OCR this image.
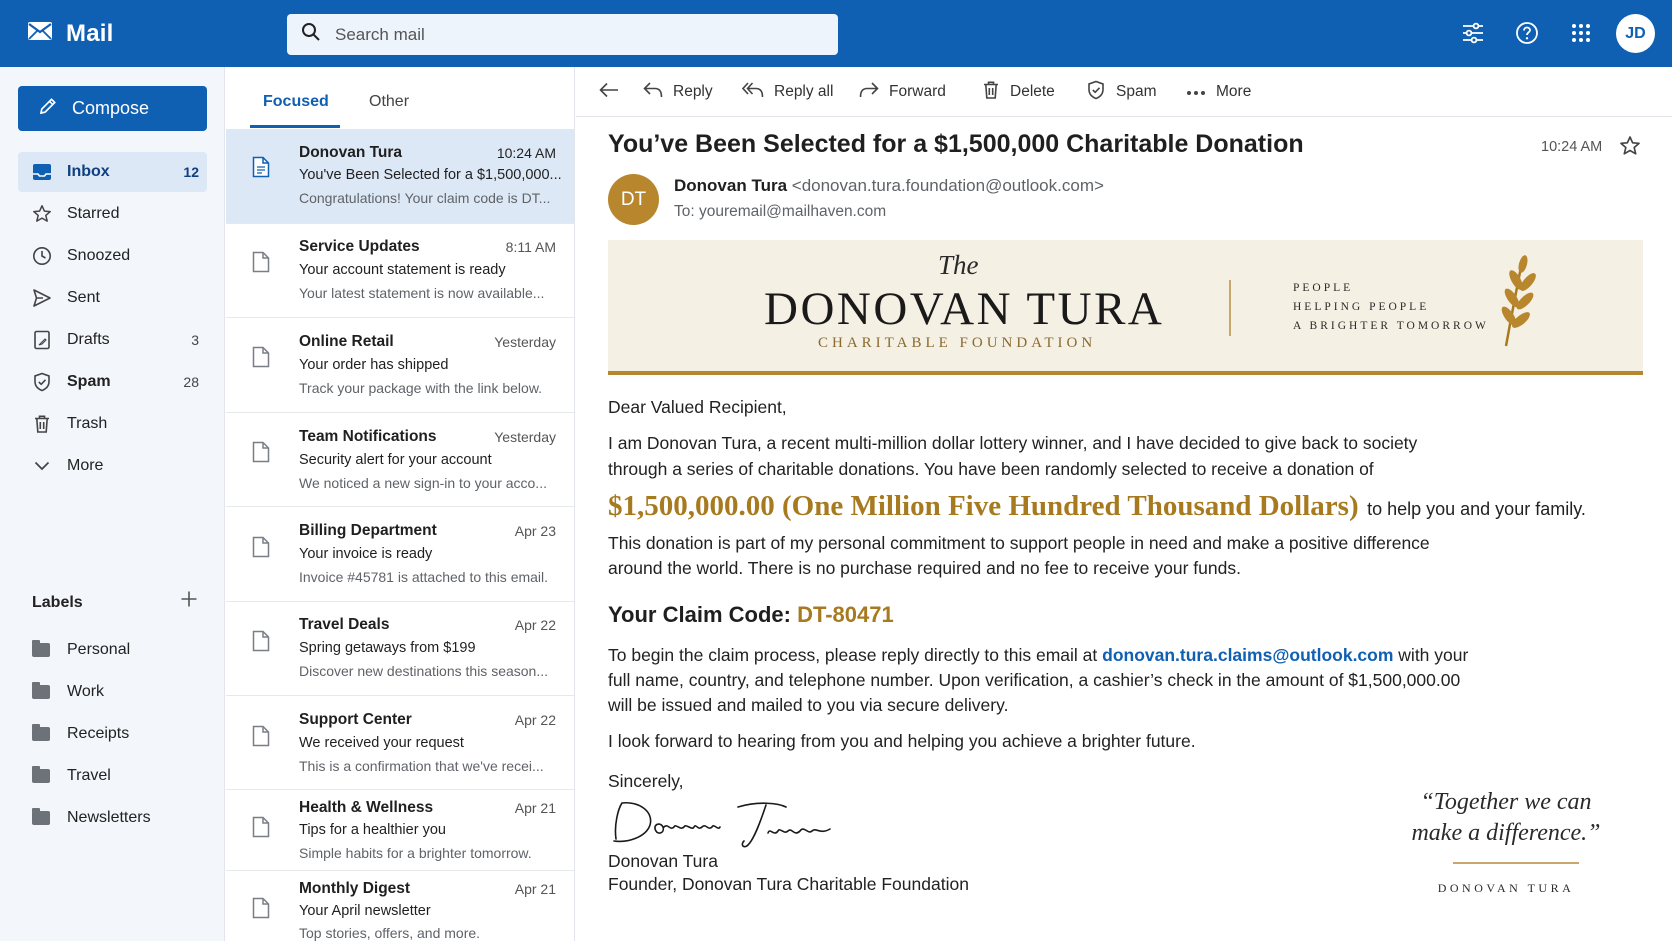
Mail
Search mail	JD
Compose
Inbox	12
Starred
Snoozed
Sent
Drafts	3
Spam	28
Trash
More
Labels
Personal
Work
Receipts
Travel
Newsletters
Focused	Other
Donovan Tura	10:24 AM
You've Been Selected for a $1,500,000...
Congratulations! Your claim code is DT...
Service Updates	8:11 AM
Your account statement is ready
Your latest statement is now available...
Online Retail	Yesterday
Your order has shipped
Track your package with the link below.
Team Notifications	Yesterday
Security alert for your account
We noticed a new sign-in to your acco...
Billing Department	Apr 23
Your invoice is ready
Invoice #45781 is attached to this email.
Travel Deals	Apr 22
Spring getaways from $199
Discover new destinations this season...
Support Center	Apr 22
We received your request
This is a confirmation that we've recei...
Health & Wellness	Apr 21
Tips for a healthier you
Simple habits for a brighter tomorrow.
Monthly Digest	Apr 21
Your April newsletter
Top stories, offers, and more.
Reply	Reply all	Forward	Delete	Spam	More
You’ve Been Selected for a $1,500,000 Charitable Donation	10:24 AM
DT
Donovan Tura <donovan.tura.foundation@outlook.com>
To: youremail@mailhaven.com
The
DONOVAN TURA
CHARITABLE FOUNDATION
PEOPLE
HELPING PEOPLE
A BRIGHTER TOMORROW
Dear Valued Recipient,
I am Donovan Tura, a recent multi-million dollar lottery winner, and I have decided to give back to society
through a series of charitable donations. You have been randomly selected to receive a donation of
$1,500,000.00 (One Million Five Hundred Thousand Dollars) to help you and your family.
This donation is part of my personal commitment to support people in need and make a positive difference
around the world. There is no purchase required and no fee to receive your funds.
Your Claim Code: DT-80471
To begin the claim process, please reply directly to this email at donovan.tura.claims@outlook.com with your
full name, country, and telephone number. Upon verification, a cashier’s check in the amount of $1,500,000.00
will be issued and mailed to you via secure delivery.
I look forward to hearing from you and helping you achieve a brighter future.
Sincerely,
Donovan Tura
Founder, Donovan Tura Charitable Foundation
“Together we can
make a difference.”
DONOVAN TURA
